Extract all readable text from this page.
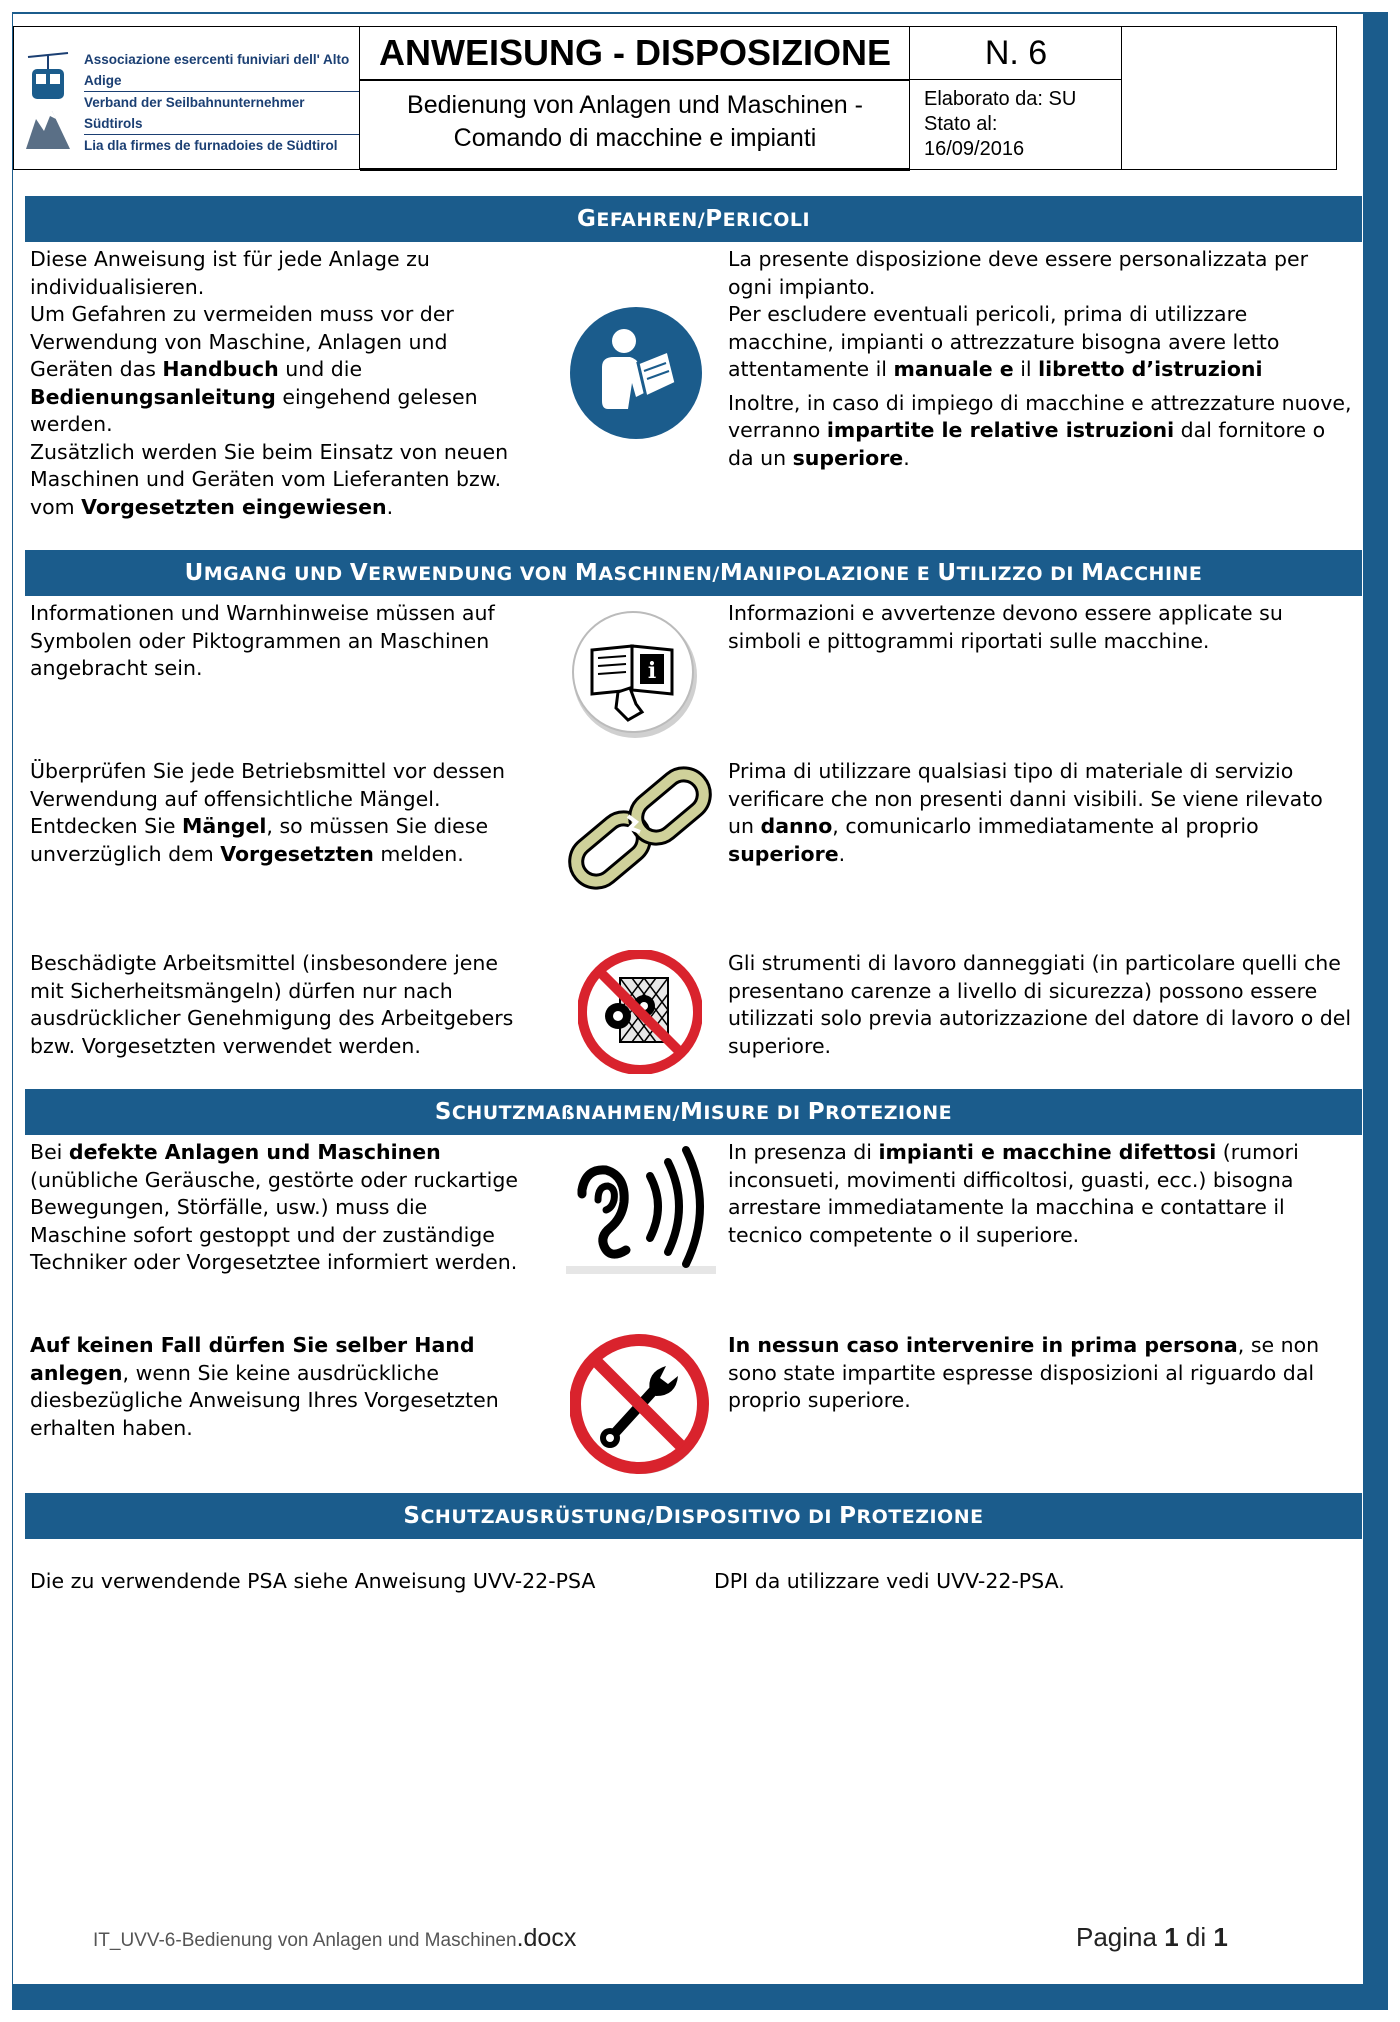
Associazione esercenti funiviari dell' Alto Adige
Verband der Seilbahnunternehmer Südtirols
Lia dla firmes de furnadoies de Südtirol
ANWEISUNG - DISPOSIZIONE
Bedienung von Anlagen und Maschinen -
Comando di macchine e impianti
N. 6
Elaborato da: SU
Stato al:
16/09/2016
GEFAHREN/PERICOLI
Diese Anweisung ist für jede Anlage zu individualisieren.
Um Gefahren zu vermeiden muss vor der Verwendung von Maschine, Anlagen und Geräten das Handbuch und die Bedienungsanleitung eingehend gelesen werden.
Zusätzlich werden Sie beim Einsatz von neuen Maschinen und Geräten vom Lieferanten bzw. vom Vorgesetzten eingewiesen.
La presente disposizione deve essere personalizzata per ogni impianto.
Per escludere eventuali pericoli, prima di utilizzare macchine, impianti o attrezzature bisogna avere letto attentamente il manuale e il libretto d’istruzioni

Inoltre, in caso di impiego di macchine e attrezzature nuove, verranno impartite le relative istruzioni dal fornitore o da un superiore.
UMGANG UND VERWENDUNG VON MASCHINEN/MANIPOLAZIONE E UTILIZZO DI MACCHINE
Informationen und Warnhinweise müssen auf Symbolen oder Piktogrammen an Maschinen angebracht sein.	i
Informazioni e avvertenze devono essere applicate su simboli e pittogrammi riportati sulle macchine.
Überprüfen Sie jede Betriebsmittel vor dessen Verwendung auf offensichtliche Mängel. Entdecken Sie Mängel, so müssen Sie diese unverzüglich dem Vorgesetzten melden.
Prima di utilizzare qualsiasi tipo di materiale di servizio verificare che non presenti danni visibili. Se viene rilevato un danno, comunicarlo immediatamente al proprio superiore.
Beschädigte Arbeitsmittel (insbesondere jene mit Sicherheitsmängeln) dürfen nur nach ausdrücklicher Genehmigung des Arbeitgebers bzw. Vorgesetzten verwendet werden.
Gli strumenti di lavoro danneggiati (in particolare quelli che presentano carenze a livello di sicurezza) possono essere utilizzati solo previa autorizzazione del datore di lavoro o del superiore.
SCHUTZMAßNAHMEN/MISURE DI PROTEZIONE
Bei defekte Anlagen und Maschinen (unübliche Geräusche, gestörte oder ruckartige Bewegungen, Störfälle, usw.) muss die Maschine sofort gestoppt und der zuständige Techniker oder Vorgesetztee informiert werden.
In presenza di impianti e macchine difettosi (rumori inconsueti, movimenti difficoltosi, guasti, ecc.) bisogna arrestare immediatamente la macchina e contattare il tecnico competente o il superiore.
Auf keinen Fall dürfen Sie selber Hand anlegen, wenn Sie keine ausdrückliche diesbezügliche Anweisung Ihres Vorgesetzten erhalten haben.
In nessun caso intervenire in prima persona, se non sono state impartite espresse disposizioni al riguardo dal proprio superiore.
SCHUTZAUSRÜSTUNG/DISPOSITIVO DI PROTEZIONE
Die zu verwendende PSA siehe Anweisung UVV-22-PSA	DPI da utilizzare vedi UVV-22-PSA.
IT_UVV-6-Bedienung von Anlagen und Maschinen.docx	Pagina 1 di 1
